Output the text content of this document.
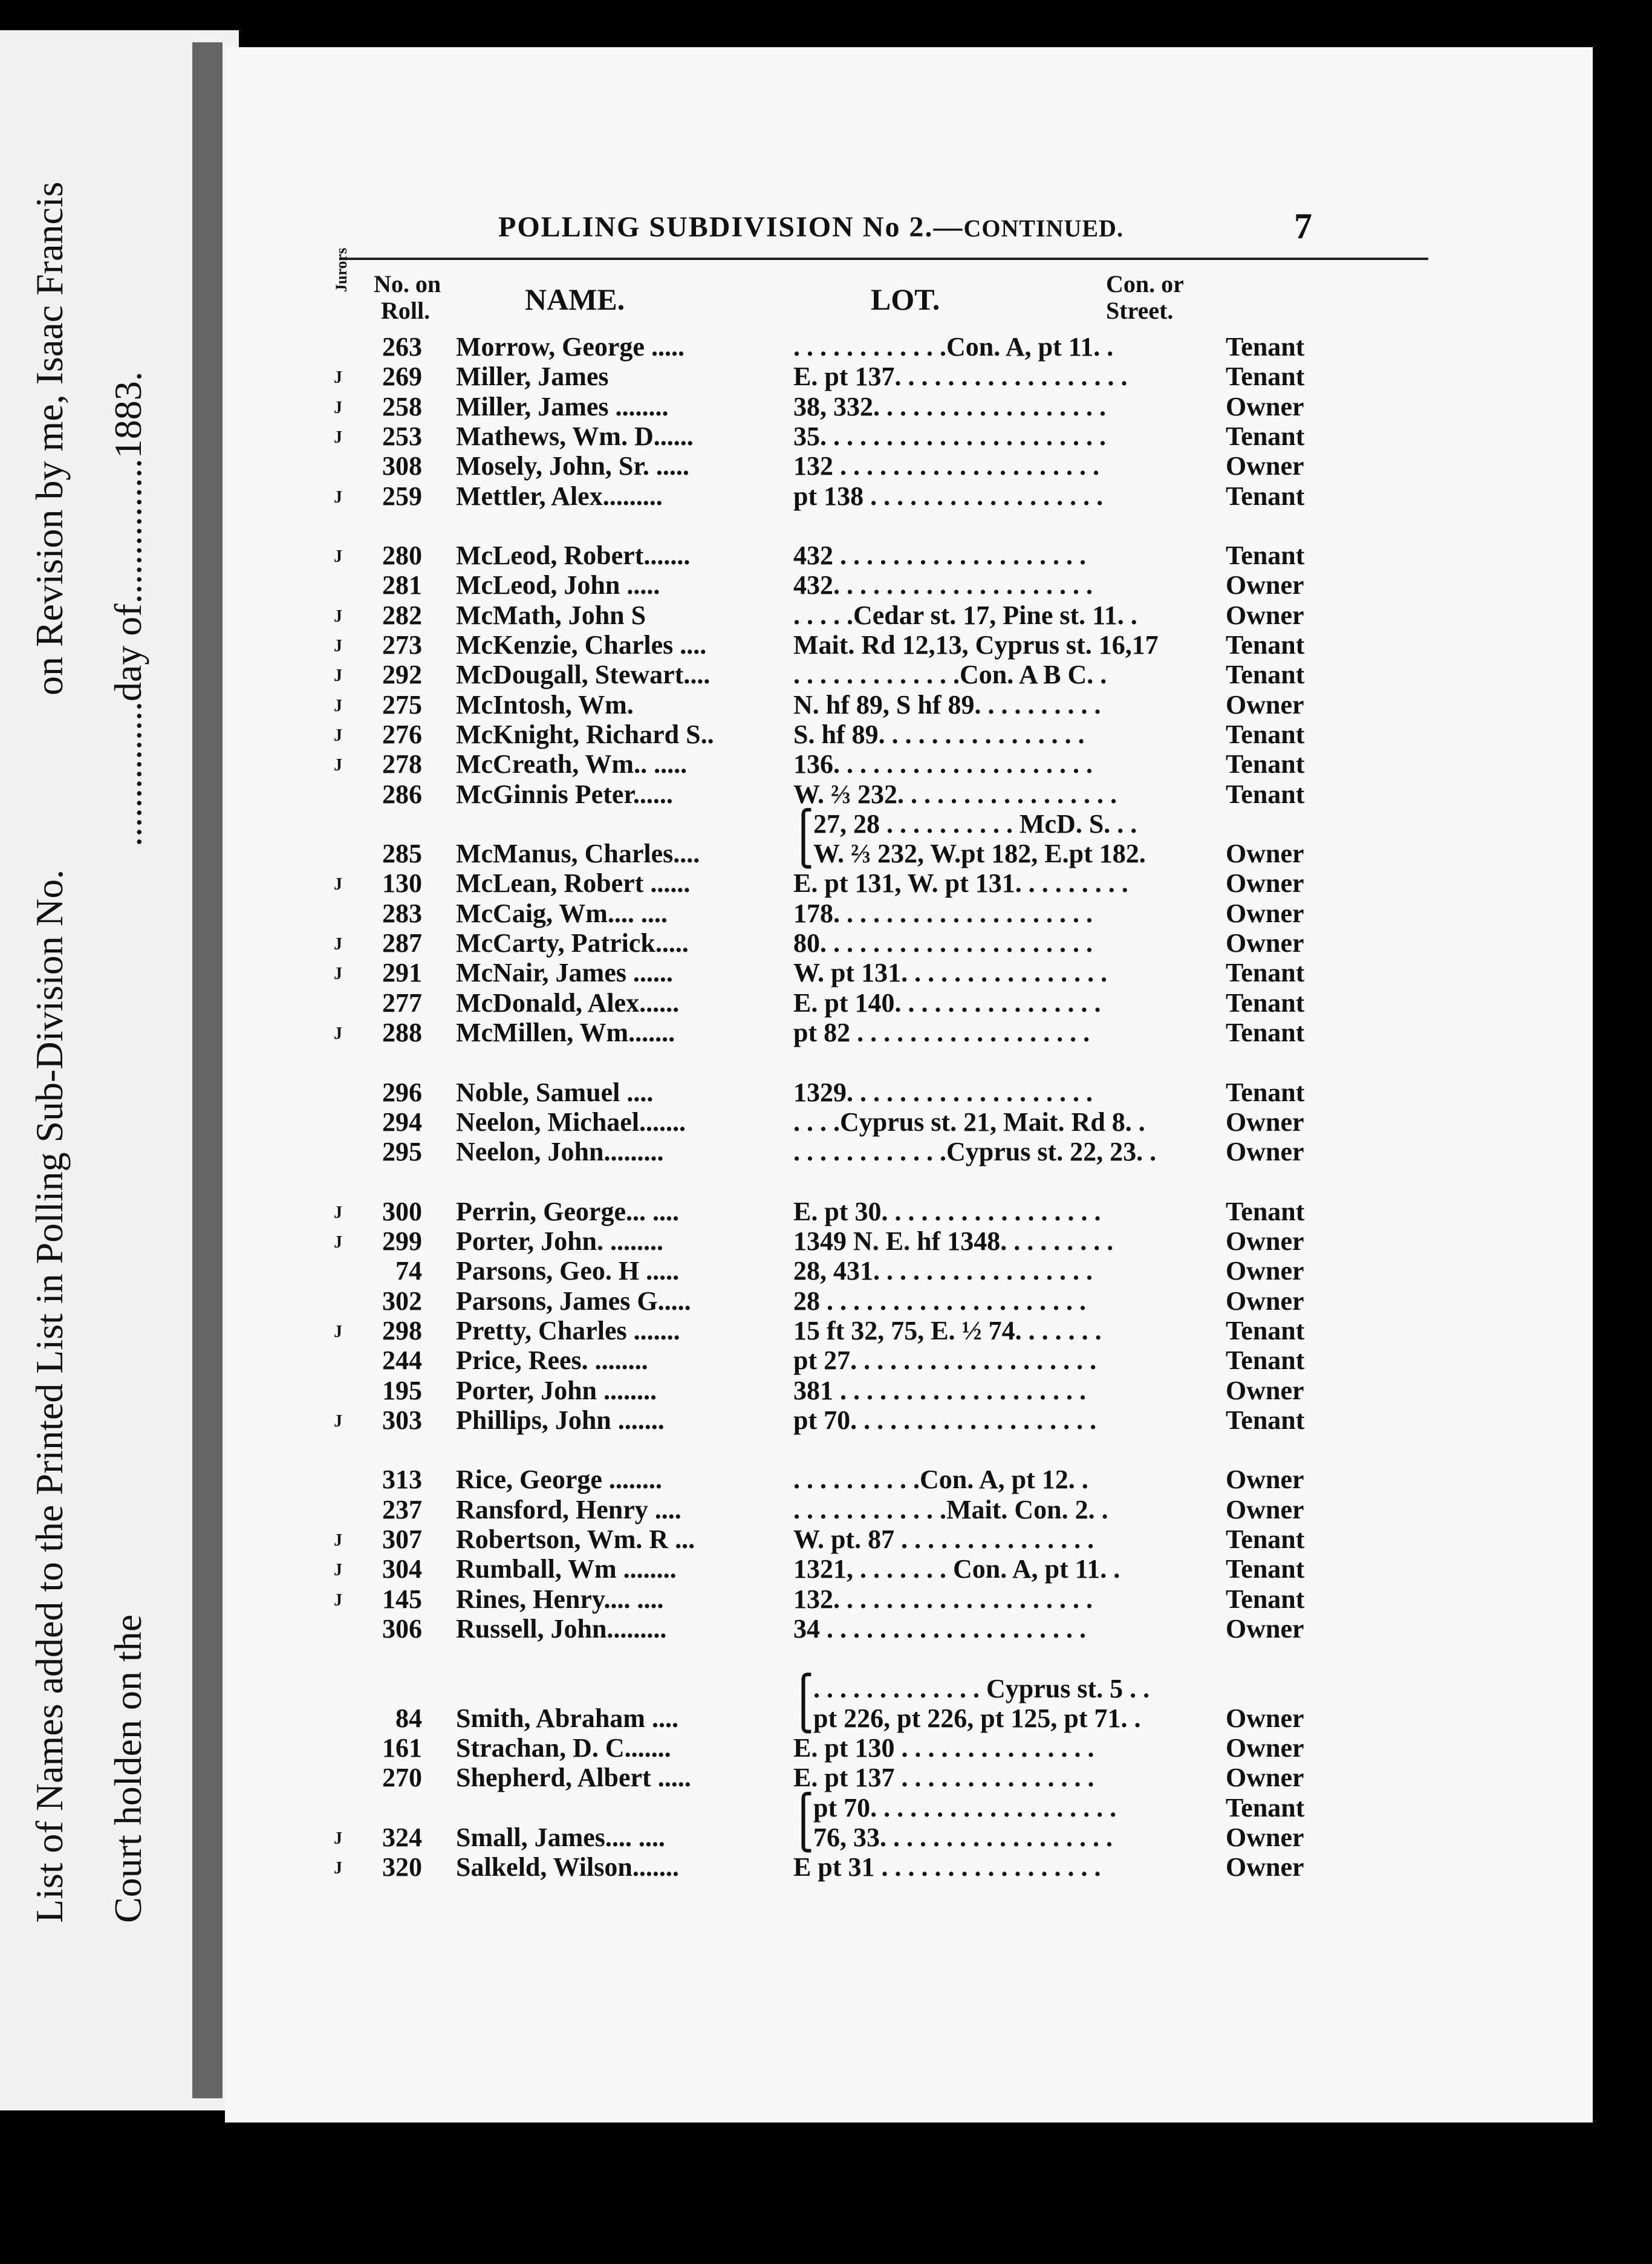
List of Names added to the Printed List in Polling Sub-Division No.
on Revision by me, Isaac Francis
Court holden on the
...............day of...............1883.
POLLING SUBDIVISION No 2.—CONTINUED.	7
Jurors No. on
Roll.	NAME.	LOT.	Con. or
Street.
263 Morrow, George .....	. . . . . . . . . . . .Con. A, pt 11. .	Tenant
J 269 Miller, James	E. pt 137. . . . . . . . . . . . . . . . . .	Tenant
J 258 Miller, James ........	38, 332. . . . . . . . . . . . . . . . . .	Owner
J 253 Mathews, Wm. D......	35. . . . . . . . . . . . . . . . . . . . . .	Tenant
308 Mosely, John, Sr. .....	132 . . . . . . . . . . . . . . . . . . . .	Owner
J 259 Mettler, Alex.........	pt 138 . . . . . . . . . . . . . . . . . .	Tenant
J 280 McLeod, Robert.......	432 . . . . . . . . . . . . . . . . . . .	Tenant
281 McLeod, John .....	432. . . . . . . . . . . . . . . . . . . .	Owner
J 282 McMath, John S	. . . . .Cedar st. 17, Pine st. 11. .	Owner
J 273 McKenzie, Charles ....	Mait. Rd 12,13, Cyprus st. 16,17	Tenant
J 292 McDougall, Stewart....	. . . . . . . . . . . . .Con. A B C. .	Tenant
J 275 McIntosh, Wm.	N. hf 89, S hf 89. . . . . . . . . .	Owner
J 276 McKnight, Richard S..	S. hf 89. . . . . . . . . . . . . . . .	Tenant
J 278 McCreath, Wm.. .....	136. . . . . . . . . . . . . . . . . . . .	Tenant
286 McGinnis Peter......	W. ⅔ 232. . . . . . . . . . . . . . . . .	Tenant
⎧27, 28 . . . . . . . . . . McD. S. . .
285 McManus, Charles....	⎩W. ⅔ 232, W.pt 182, E.pt 182.	Owner
J 130 McLean, Robert ......	E. pt 131, W. pt 131. . . . . . . . .	Owner
283 McCaig, Wm.... ....	178. . . . . . . . . . . . . . . . . . . .	Owner
J 287 McCarty, Patrick.....	80. . . . . . . . . . . . . . . . . . . . .	Owner
J 291 McNair, James ......	W. pt 131. . . . . . . . . . . . . . . .	Tenant
277 McDonald, Alex......	E. pt 140. . . . . . . . . . . . . . . .	Tenant
J 288 McMillen, Wm.......	pt 82 . . . . . . . . . . . . . . . . . .	Tenant
296 Noble, Samuel ....	1329. . . . . . . . . . . . . . . . . . .	Tenant
294 Neelon, Michael.......	. . . .Cyprus st. 21, Mait. Rd 8. .	Owner
295 Neelon, John.........	. . . . . . . . . . . .Cyprus st. 22, 23. .	Owner
J 300 Perrin, George... ....	E. pt 30. . . . . . . . . . . . . . . . .	Tenant
J 299 Porter, John. ........	1349 N. E. hf 1348. . . . . . . . .	Owner
74 Parsons, Geo. H .....	28, 431. . . . . . . . . . . . . . . . .	Owner
302 Parsons, James G.....	28 . . . . . . . . . . . . . . . . . . . .	Owner
J 298 Pretty, Charles .......	15 ft 32, 75, E. ½ 74. . . . . . .	Tenant
244 Price, Rees. ........	pt 27. . . . . . . . . . . . . . . . . . .	Tenant
195 Porter, John ........	381 . . . . . . . . . . . . . . . . . . .	Owner
J 303 Phillips, John .......	pt 70. . . . . . . . . . . . . . . . . . .	Tenant
313 Rice, George ........	. . . . . . . . . .Con. A, pt 12. .	Owner
237 Ransford, Henry ....	. . . . . . . . . . . .Mait. Con. 2. .	Owner
J 307 Robertson, Wm. R ...	W. pt. 87 . . . . . . . . . . . . . . .	Tenant
J 304 Rumball, Wm ........	1321, . . . . . . . Con. A, pt 11. .	Tenant
J 145 Rines, Henry.... ....	132. . . . . . . . . . . . . . . . . . . .	Tenant
306 Russell, John.........	34 . . . . . . . . . . . . . . . . . . . .	Owner
⎧. . . . . . . . . . . . . Cyprus st. 5 . .
84 Smith, Abraham ....	⎩pt 226, pt 226, pt 125, pt 71. .	Owner
161 Strachan, D. C.......	E. pt 130 . . . . . . . . . . . . . . .	Owner
270 Shepherd, Albert .....	E. pt 137 . . . . . . . . . . . . . . .	Owner
⎧pt 70. . . . . . . . . . . . . . . . . . .	Tenant
J 324 Small, James.... ....	⎩76, 33. . . . . . . . . . . . . . . . . .	Owner
J 320 Salkeld, Wilson.......	E pt 31 . . . . . . . . . . . . . . . . .	Owner
